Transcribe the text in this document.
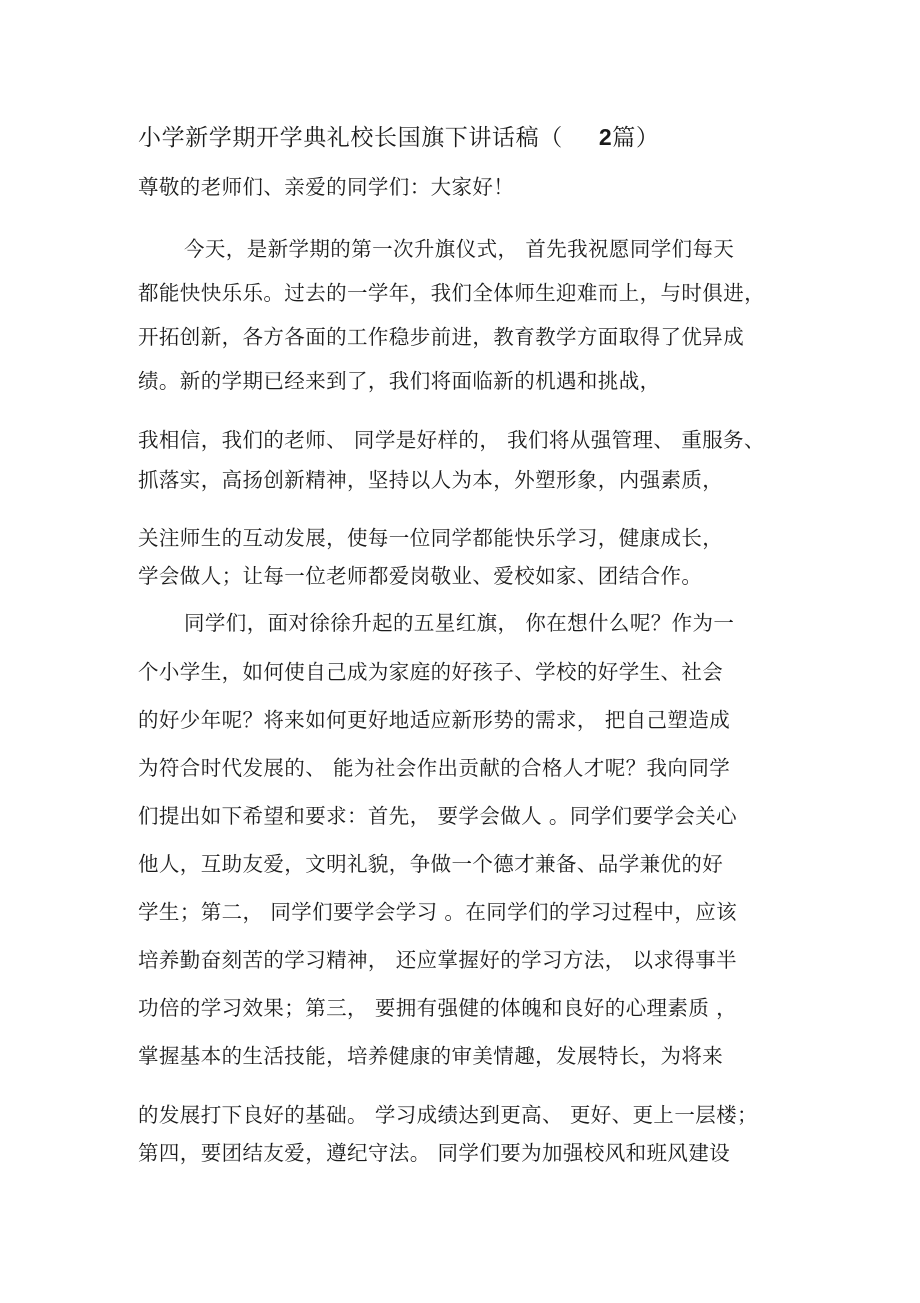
小学新学期开学典礼校长国旗下讲话稿（ 2篇）
尊敬的老师们、亲爱的同学们：大家好！
今天，是新学期的第一次升旗仪式， 首先我祝愿同学们每天
都能快快乐乐。过去的一学年，我们全体师生迎难而上，与时俱进，
开拓创新，各方各面的工作稳步前进，教育教学方面取得了优异成
绩。新的学期已经来到了，我们将面临新的机遇和挑战，
我相信，我们的老师、 同学是好样的， 我们将从强管理、 重服务、
抓落实，高扬创新精神，坚持以人为本，外塑形象，内强素质，
关注师生的互动发展，使每一位同学都能快乐学习，健康成长，
学会做人；让每一位老师都爱岗敬业、爱校如家、团结合作。
同学们，面对徐徐升起的五星红旗， 你在想什么呢？作为一
个小学生，如何使自己成为家庭的好孩子、学校的好学生、社会
的好少年呢？将来如何更好地适应新形势的需求， 把自己塑造成
为符合时代发展的、 能为社会作出贡献的合格人才呢？我向同学
们提出如下希望和要求：首先， 要学会做人 。同学们要学会关心
他人，互助友爱，文明礼貌，争做一个德才兼备、品学兼优的好
学生；第二， 同学们要学会学习 。在同学们的学习过程中，应该
培养勤奋刻苦的学习精神， 还应掌握好的学习方法， 以求得事半
功倍的学习效果；第三， 要拥有强健的体魄和良好的心理素质 ，
掌握基本的生活技能，培养健康的审美情趣，发展特长，为将来
的发展打下良好的基础。 学习成绩达到更高、 更好、更上一层楼；
第四，要团结友爱，遵纪守法。 同学们要为加强校风和班风建设
